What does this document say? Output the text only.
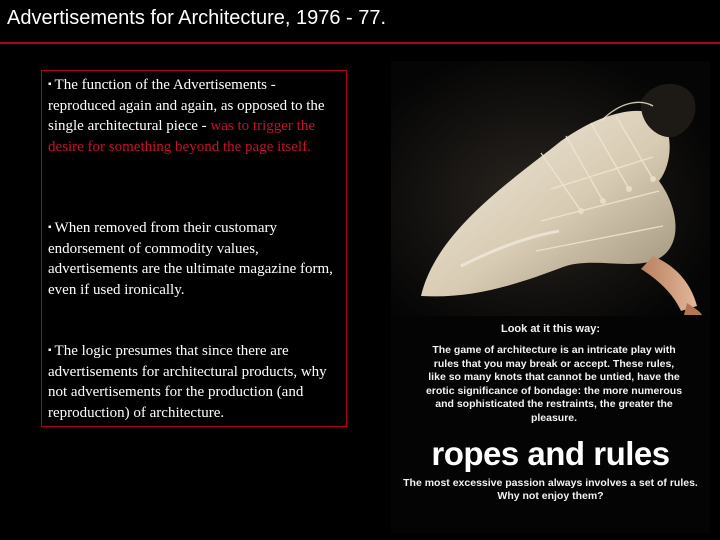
Advertisements for Architecture, 1976 - 77.
▪ The function of the Advertisements - reproduced again and again, as opposed to the single architectural piece - was to trigger the desire for something beyond the page itself.
▪ When removed from their customary endorsement of commodity values, advertisements are the ultimate magazine form, even if used ironically.
▪ The logic presumes that since there are advertisements for architectural products, why not advertisements for the production (and reproduction) of architecture.
Look at it this way:
The game of architecture is an intricate play with rules that you may break or accept. These rules, like so many knots that cannot be untied, have the erotic significance of bondage: the more numerous and sophisticated the restraints, the greater the pleasure.
ropes and rules
The most excessive passion always involves a set of rules.
Why not enjoy them?
